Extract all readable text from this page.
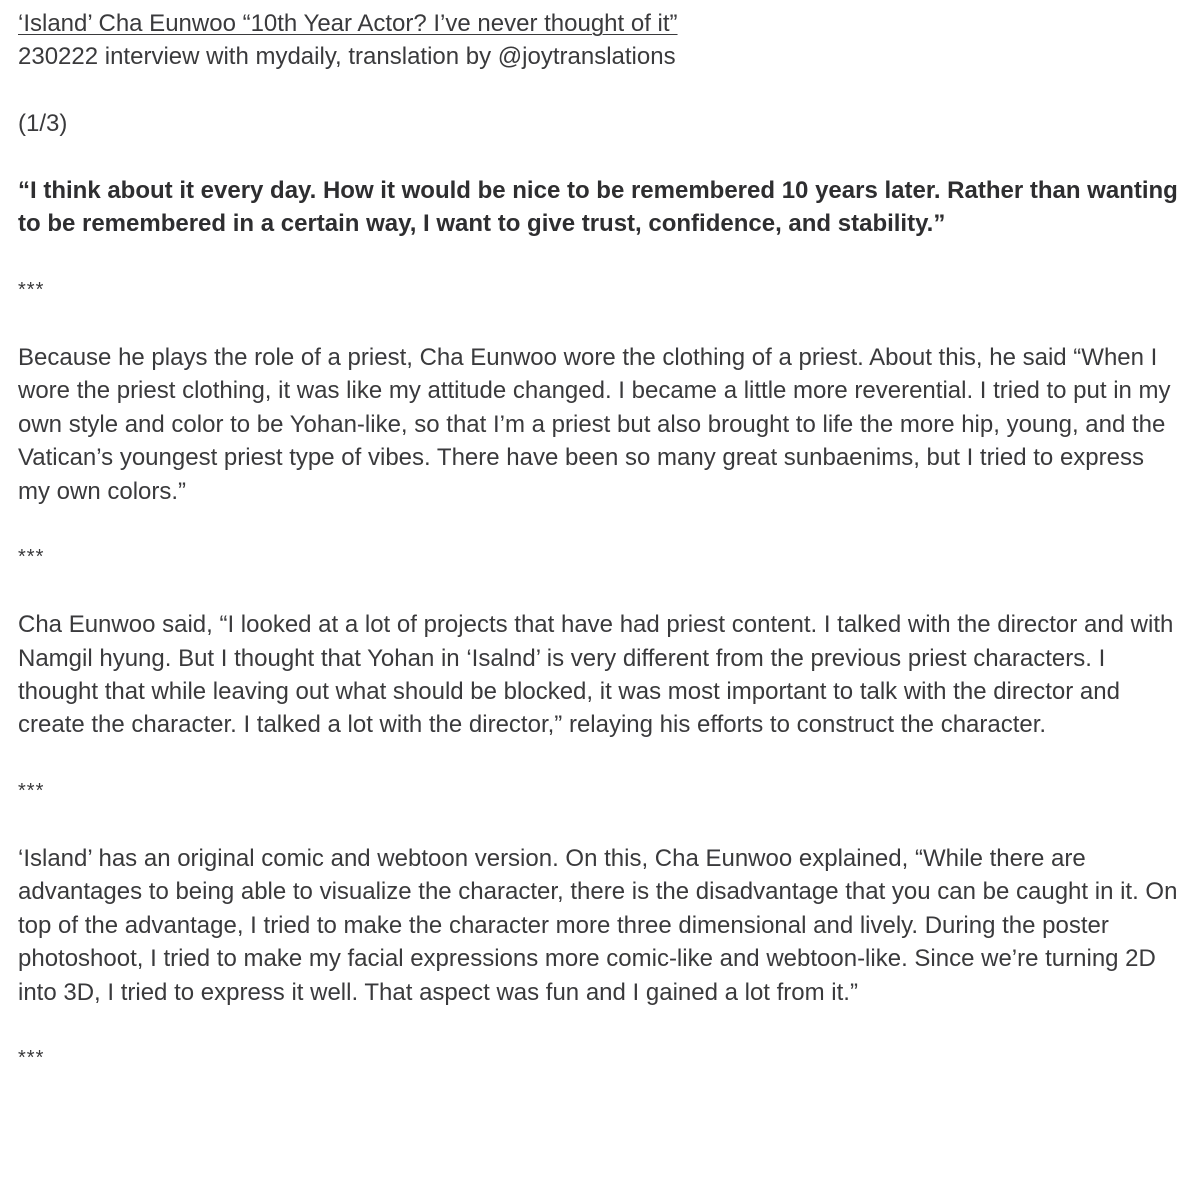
‘Island’ Cha Eunwoo “10th Year Actor? I’ve never thought of it”

230222 interview with mydaily, translation by @joytranslations

(1/3)

“I think about it every day. How it would be nice to be remembered 10 years later. Rather than wanting to be remembered in a certain way, I want to give trust, confidence, and stability.”

***

Because he plays the role of a priest, Cha Eunwoo wore the clothing of a priest. About this, he said “When I wore the priest clothing, it was like my attitude changed. I became a little more reverential. I tried to put in my own style and color to be Yohan-like, so that I’m a priest but also brought to life the more hip, young, and the Vatican’s youngest priest type of vibes. There have been so many great sunbaenims, but I tried to express my own colors.”

***

Cha Eunwoo said, “I looked at a lot of projects that have had priest content. I talked with the director and with Namgil hyung. But I thought that Yohan in ‘Isalnd’ is very different from the previous priest characters. I thought that while leaving out what should be blocked, it was most important to talk with the director and create the character. I talked a lot with the director,” relaying his efforts to construct the character.

***

‘Island’ has an original comic and webtoon version. On this, Cha Eunwoo explained, “While there are advantages to being able to visualize the character, there is the disadvantage that you can be caught in it. On top of the advantage, I tried to make the character more three dimensional and lively. During the poster photoshoot, I tried to make my facial expressions more comic-like and webtoon-like. Since we’re turning 2D into 3D, I tried to express it well. That aspect was fun and I gained a lot from it.”

***
